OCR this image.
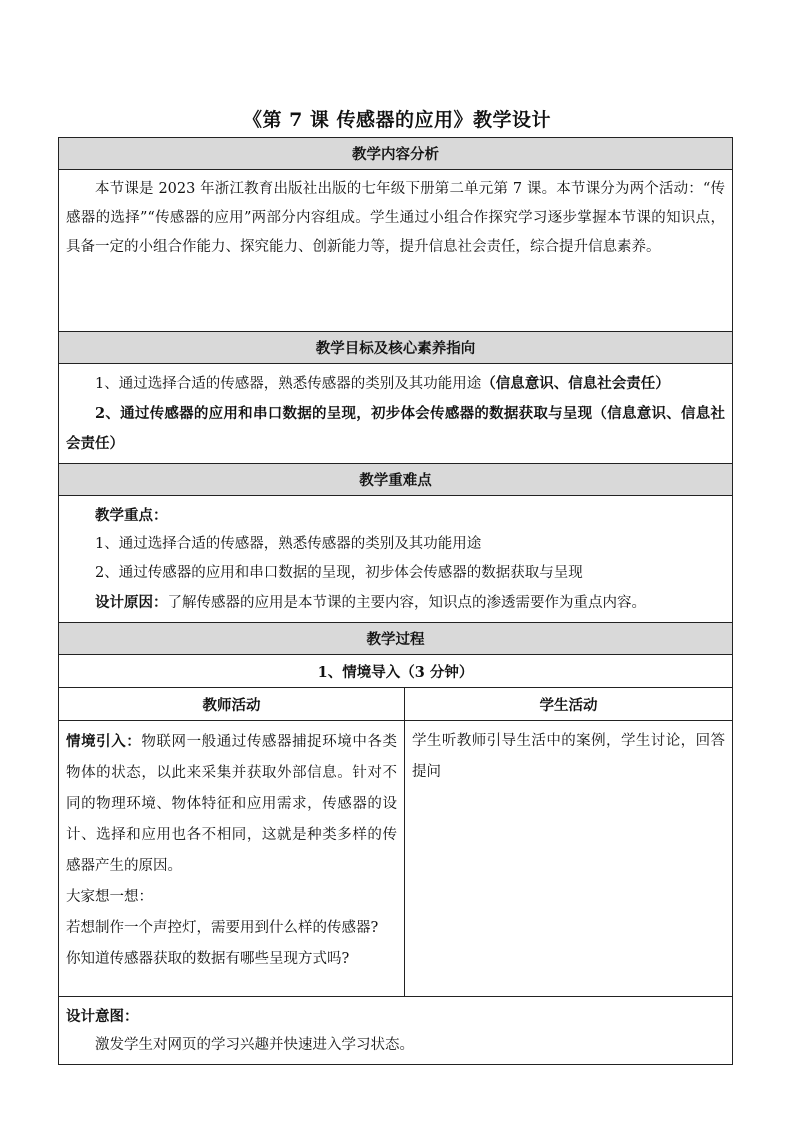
《第 7 课 传感器的应用》教学设计
教学内容分析	

本节课是 2023 年浙江教育出版社出版的七年级下册第二单元第 7 课。本节课分为两个活动：“传感器的选择”“传感器的应用”两部分内容组成。学生通过小组合作探究学习逐步掌握本节课的知识点，具备一定的小组合作能力、探究能力、创新能力等，提升信息社会责任，综合提升信息素养。	

教学目标及核心素养指向	

1、通过选择合适的传感器，熟悉传感器的类别及其功能用途（信息意识、信息社会责任）

2、通过传感器的应用和串口数据的呈现，初步体会传感器的数据获取与呈现（信息意识、信息社会责任）	

教学重难点	

教学重点：

1、通过选择合适的传感器，熟悉传感器的类别及其功能用途

2、通过传感器的应用和串口数据的呈现，初步体会传感器的数据获取与呈现

设计原因：了解传感器的应用是本节课的主要内容，知识点的渗透需要作为重点内容。	

教学过程	
1、情境导入（3 分钟）	
教师活动	学生活动

情境引入：物联网一般通过传感器捕捉环境中各类物体的状态，以此来采集并获取外部信息。针对不同的物理环境、物体特征和应用需求，传感器的设计、选择和应用也各不相同，这就是种类多样的传感器产生的原因。

大家想一想：

若想制作一个声控灯，需要用到什么样的传感器?

你知道传感器获取的数据有哪些呈现方式吗?	学生听教师引导生活中的案例，学生讨论，回答提问

设计意图：

激发学生对网页的学习兴趣并快速进入学习状态。	
